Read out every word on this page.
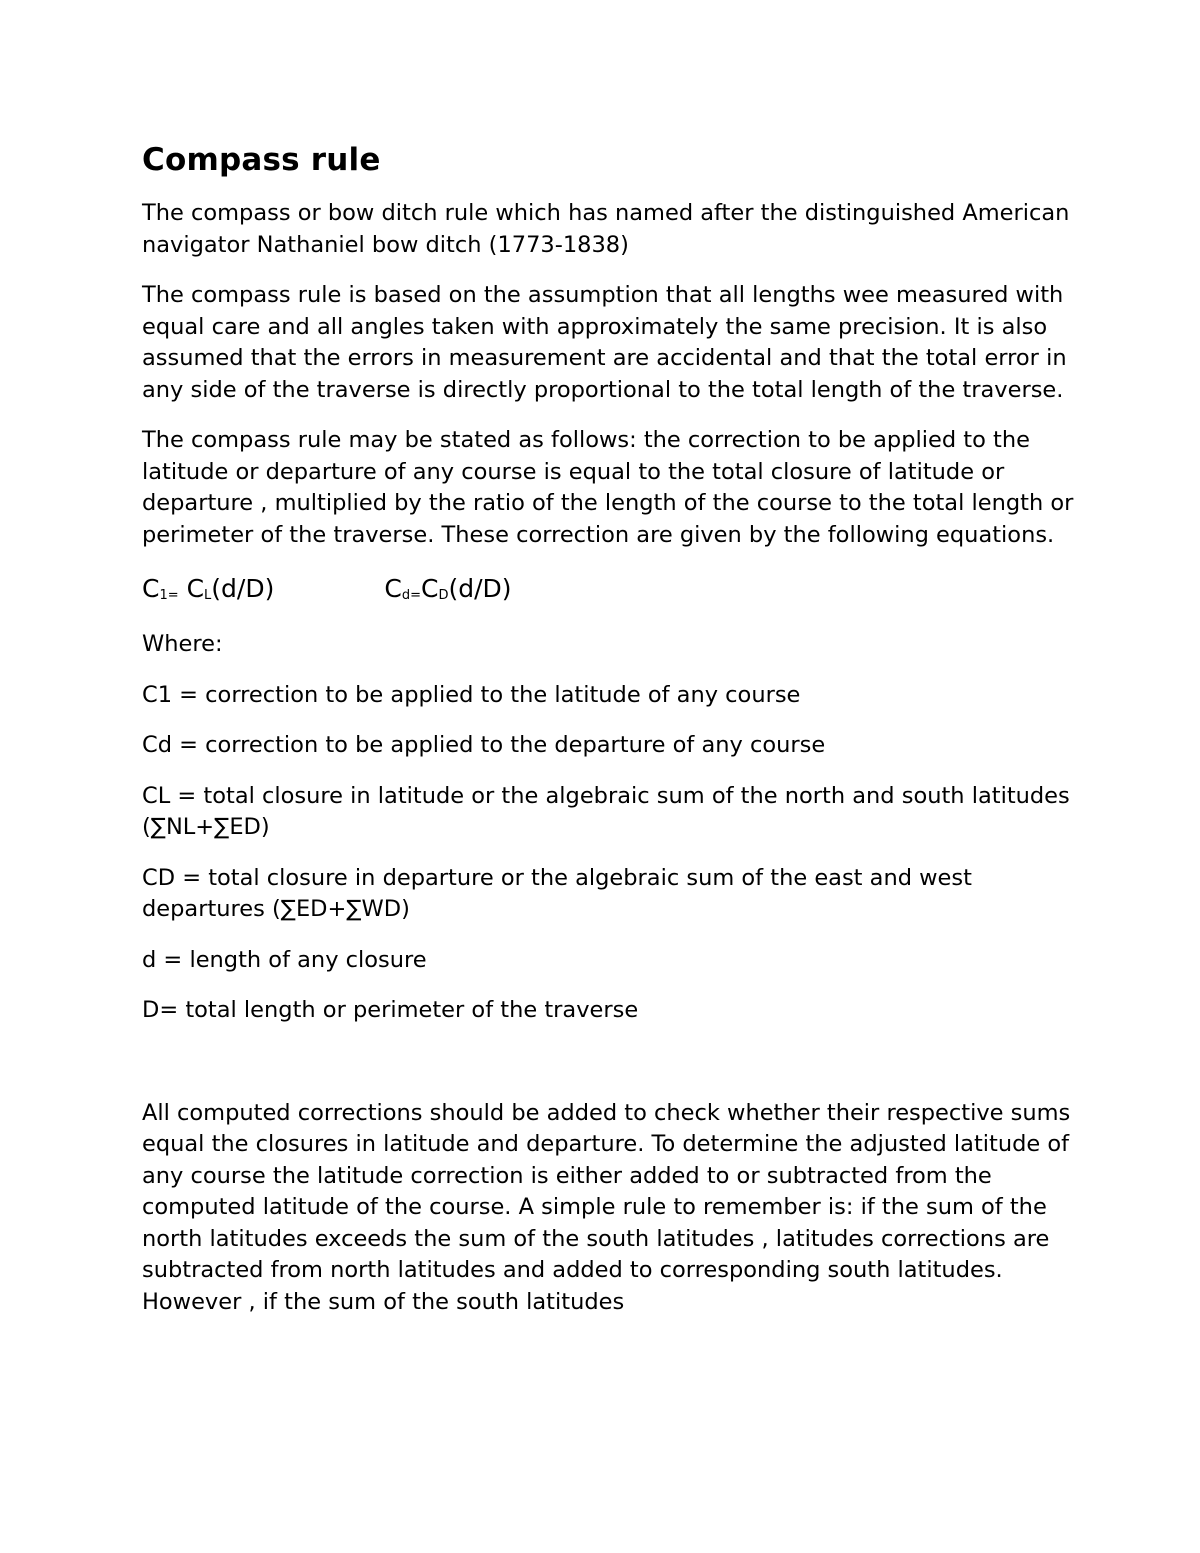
Compass rule

The compass or bow ditch rule which has named after the distinguished American navigator Nathaniel bow ditch (1773-1838)

The compass rule is based on the assumption that all lengths wee measured with equal care and all angles taken with approximately the same precision. It is also assumed that the errors in measurement are accidental and that the total error in any side of the traverse is directly proportional to the total length of the traverse.

The compass rule may be stated as follows: the correction to be applied to the latitude or departure of any course is equal to the total closure of latitude or departure , multiplied by the ratio of the length of the course to the total length or perimeter of the traverse. These correction are given by the following equations.

C1= CL(d/D)	Cd=CD(d/D)

Where:

C1 = correction to be applied to the latitude of any course

Cd = correction to be applied to the departure of any course

CL = total closure in latitude or the algebraic sum of the north and south latitudes (∑NL+∑ED)

CD = total closure in departure or the algebraic sum of the east and west departures (∑ED+∑WD)

d = length of any closure

D= total length or perimeter of the traverse

All computed corrections should be added to check whether their respective sums equal the closures in latitude and departure. To determine the adjusted latitude of any course the latitude correction is either added to or subtracted from the computed latitude of the course. A simple rule to remember is: if the sum of the north latitudes exceeds the sum of the south latitudes , latitudes corrections are subtracted from north latitudes and added to corresponding south latitudes. However , if the sum of the south latitudes
